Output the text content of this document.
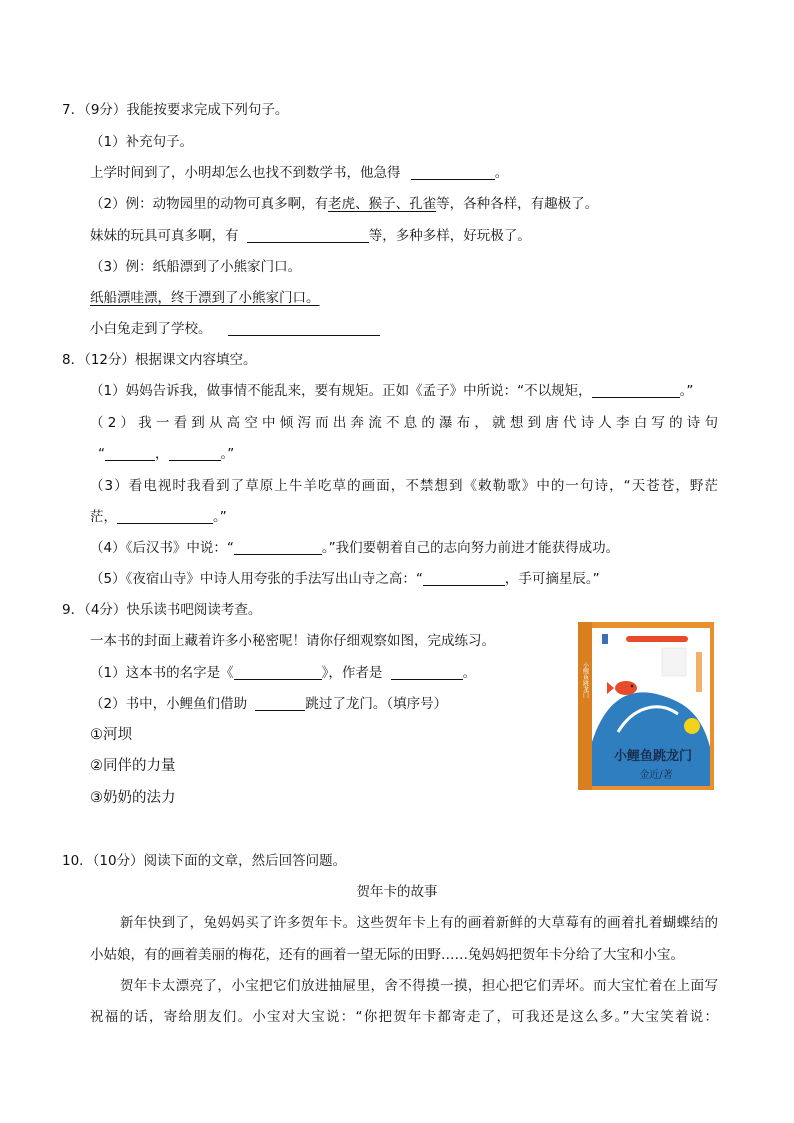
7．（9分）我能按要求完成下列句子。
（1）补充句子。
上学时间到了，小明却怎么也找不到数学书，他急得	。
（2）例：动物园里的动物可真多啊，有老虎、猴子、孔雀等，各种各样，有趣极了。
妹妹的玩具可真多啊，有	等，多种多样，好玩极了。
（3）例：纸船漂到了小熊家门口。
纸船漂哇漂，终于漂到了小熊家门口。
小白兔走到了学校。
8．（12分）根据课文内容填空。
（1）妈妈告诉我，做事情不能乱来，要有规矩。正如《孟子》中所说：“不以规矩，	。”
（2）我一看到从高空中倾泻而出奔流不息的瀑布，就想到唐代诗人李白写的诗句
“	，	。”
（3）看电视时我看到了草原上牛羊吃草的画面，不禁想到《敕勒歌》中的一句诗，“天苍苍，野茫
茫，	。”
（4）《后汉书》中说：“	。”我们要朝着自己的志向努力前进才能获得成功。
（5）《夜宿山寺》中诗人用夸张的手法写出山寺之高：“	，手可摘星辰。”
9．（4分）快乐读书吧阅读考查。
一本书的封面上藏着许多小秘密呢！请你仔细观察如图，完成练习。
（1）这本书的名字是《	》，作者是	。
（2）书中，小鲤鱼们借助	跳过了龙门。（填序号）
①河坝
②同伴的力量
③奶奶的法力
小鲤鱼跳龙门
小鲤鱼跳龙门
金近/著
10．（10分）阅读下面的文章，然后回答问题。
贺年卡的故事
新年快到了，兔妈妈买了许多贺年卡。这些贺年卡上有的画着新鲜的大草莓有的画着扎着蝴蝶结的
小姑娘，有的画着美丽的梅花，还有的画着一望无际的田野……兔妈妈把贺年卡分给了大宝和小宝。
贺年卡太漂亮了，小宝把它们放进抽屉里，舍不得摸一摸，担心把它们弄坏。而大宝忙着在上面写
祝福的话，寄给朋友们。小宝对大宝说：“你把贺年卡都寄走了，可我还是这么多。”大宝笑着说：
